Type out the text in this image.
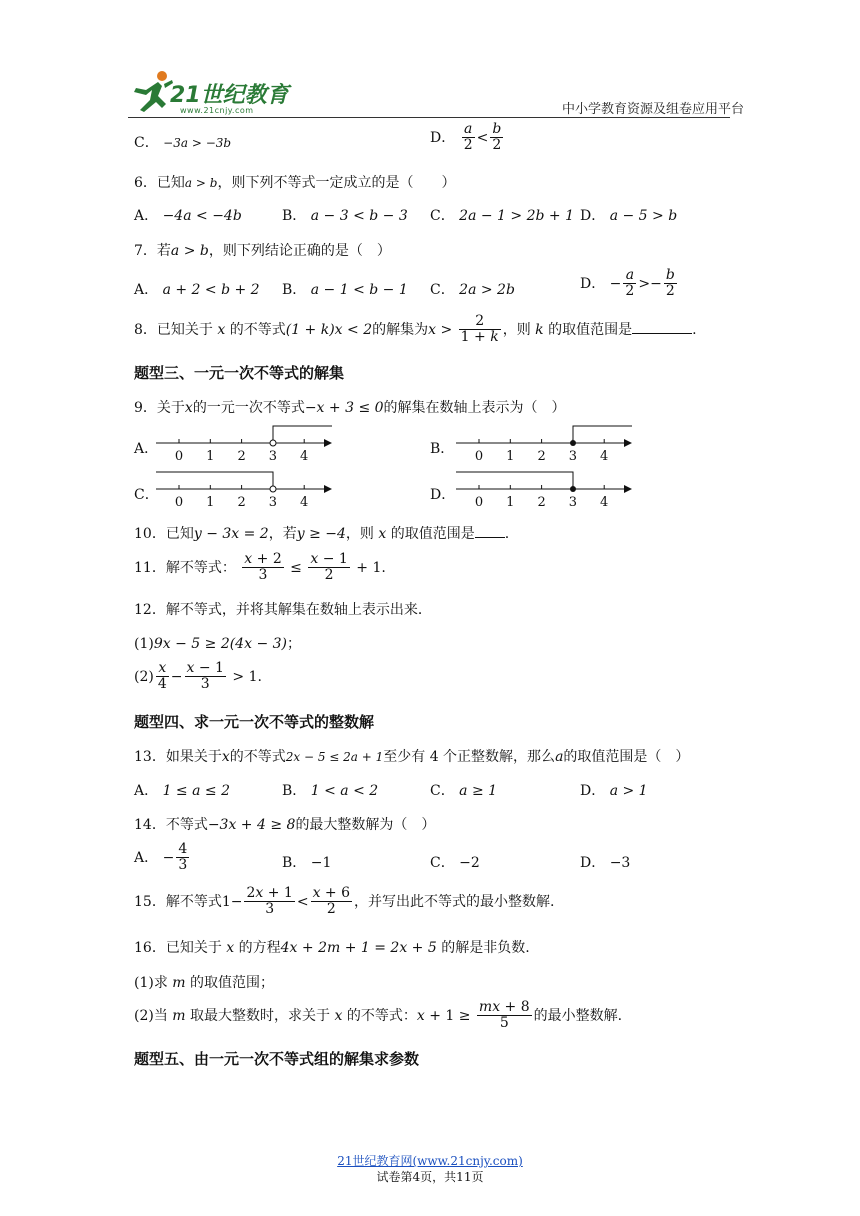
21世纪教育
www.21cnjy.com	中小学教育资源及组卷应用平台
C． −3a > −3b	D． $\frac{a}{2} < \frac{b}{2}$
6．已知a > b，则下列不等式一定成立的是（　　）
A． −4a < −4b	B． a − 3 < b − 3 C． 2a − 1 > 2b + 1 D． a − 5 > b
7．若a > b，则下列结论正确的是（　）
A． a + 2 < b + 2 B． a − 1 < b − 1 C． 2a > 2b	D． − $\frac{a}{2} >- \frac{b}{2}$
8．已知关于 x 的不等式(1 + k)x < 2的解集为$x > \frac{2}{1 + k}$ ，则 k 的取值范围是	.
题型三、一元一次不等式的解集
9．关于x的一元一次不等式−x + 3 ≤ 0的解集在数轴上表示为（　）
A． 0 1 2 3 4	B． 0 1 2 3 4
C． 0 1 2 3 4	D． 0 1 2 3 4
10．已知y − 3x = 2，若y ≥ −4，则 x 的取值范围是 .
11．解不等式： $\frac{x + 2}{3} \le \frac{x - 1}{2} + 1$.
12．解不等式，并将其解集在数轴上表示出来．
(1)9x − 5 ≥ 2(4x − 3)；
$(2) \frac{x}{4} - \frac{x - 1}{3} > 1$.
题型四、求一元一次不等式的整数解
13．如果关于x的不等式2x − 5 ≤ 2a + 1至少有 4 个正整数解，那么a的取值范围是（　）
A． 1 ≤ a ≤ 2	B． 1 < a < 2	C． a ≥ 1	D． a > 1
14．不等式−3x + 4 ≥ 8的最大整数解为（　）
A． − $\frac{4}{3}$	B． −1	C． −2	D． −3
15．解不等式$1- \frac{2x + 1}{3} < \frac{x + 6}{2}$ ，并写出此不等式的最小整数解.
16．已知关于 x 的方程4x + 2m + 1 = 2x + 5 的解是非负数.
(1)求 m 的取值范围；
(2)当 m 取最大整数时，求关于 x 的不等式：$x + 1 \ge \frac{mx + 8}{5}$ 的最小整数解.
题型五、由一元一次不等式组的解集求参数
21世纪教育网(www.21cnjy.com)
试卷第4页，共11页
